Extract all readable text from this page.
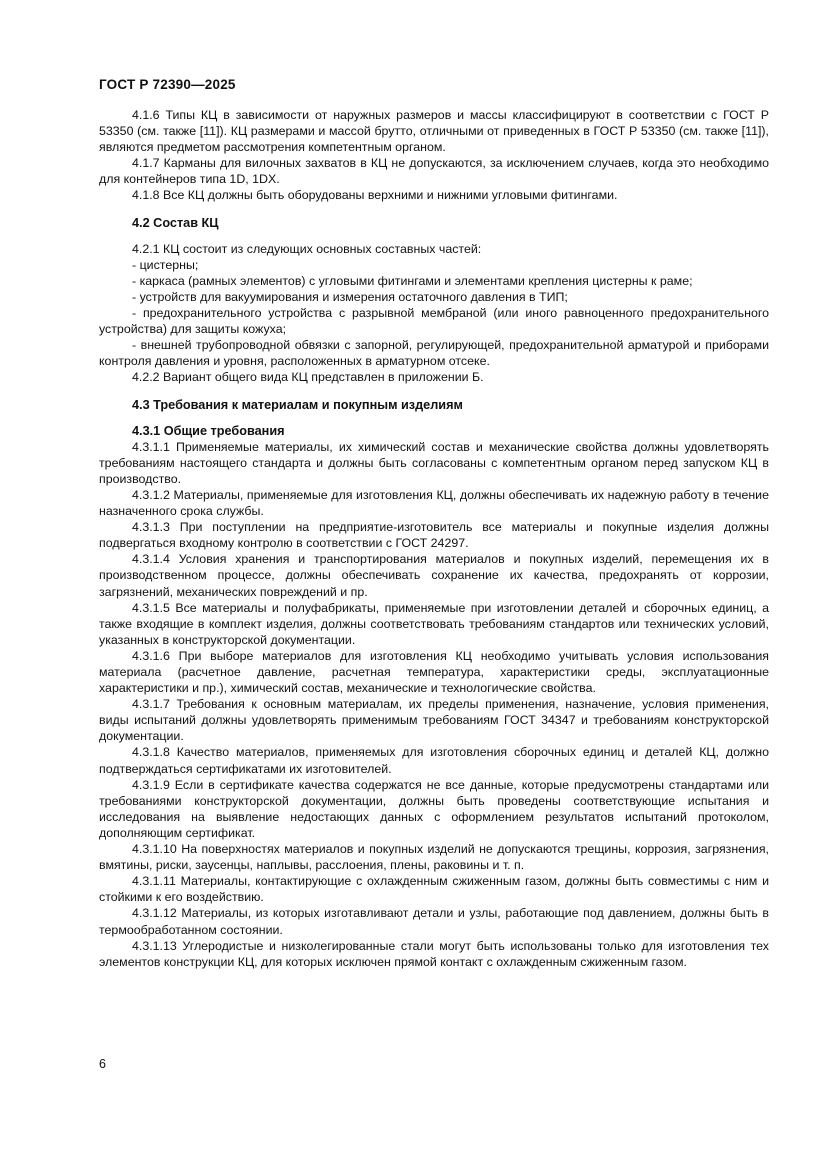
ГОСТ Р 72390—2025

4.1.6 Типы КЦ в зависимости от наружных размеров и массы классифицируют в соответствии с ГОСТ Р 53350 (см. также [11]). КЦ размерами и массой брутто, отличными от приведенных в ГОСТ Р 53350 (см. также [11]), являются предметом рассмотрения компетентным органом.

4.1.7 Карманы для вилочных захватов в КЦ не допускаются, за исключением случаев, когда это необходимо для контейнеров типа 1D, 1DX.

4.1.8 Все КЦ должны быть оборудованы верхними и нижними угловыми фитингами.

4.2 Состав КЦ

4.2.1 КЦ состоит из следующих основных составных частей:

- цистерны;

- каркаса (рамных элементов) с угловыми фитингами и элементами крепления цистерны к раме;

- устройств для вакуумирования и измерения остаточного давления в ТИП;

- предохранительного устройства с разрывной мембраной (или иного равноценного предохранительного устройства) для защиты кожуха;

- внешней трубопроводной обвязки с запорной, регулирующей, предохранительной арматурой и приборами контроля давления и уровня, расположенных в арматурном отсеке.

4.2.2 Вариант общего вида КЦ представлен в приложении Б.

4.3 Требования к материалам и покупным изделиям
4.3.1 Общие требования

4.3.1.1 Применяемые материалы, их химический состав и механические свойства должны удовлетворять требованиям настоящего стандарта и должны быть согласованы с компетентным органом перед запуском КЦ в производство.

4.3.1.2 Материалы, применяемые для изготовления КЦ, должны обеспечивать их надежную работу в течение назначенного срока службы.

4.3.1.3 При поступлении на предприятие-изготовитель все материалы и покупные изделия должны подвергаться входному контролю в соответствии с ГОСТ 24297.

4.3.1.4 Условия хранения и транспортирования материалов и покупных изделий, перемещения их в производственном процессе, должны обеспечивать сохранение их качества, предохранять от коррозии, загрязнений, механических повреждений и пр.

4.3.1.5 Все материалы и полуфабрикаты, применяемые при изготовлении деталей и сборочных единиц, а также входящие в комплект изделия, должны соответствовать требованиям стандартов или технических условий, указанных в конструкторской документации.

4.3.1.6 При выборе материалов для изготовления КЦ необходимо учитывать условия использования материала (расчетное давление, расчетная температура, характеристики среды, эксплуатационные характеристики и пр.), химический состав, механические и технологические свойства.

4.3.1.7 Требования к основным материалам, их пределы применения, назначение, условия применения, виды испытаний должны удовлетворять применимым требованиям ГОСТ 34347 и требованиям конструкторской документации.

4.3.1.8 Качество материалов, применяемых для изготовления сборочных единиц и деталей КЦ, должно подтверждаться сертификатами их изготовителей.

4.3.1.9 Если в сертификате качества содержатся не все данные, которые предусмотрены стандартами или требованиями конструкторской документации, должны быть проведены соответствующие испытания и исследования на выявление недостающих данных с оформлением результатов испытаний протоколом, дополняющим сертификат.

4.3.1.10 На поверхностях материалов и покупных изделий не допускаются трещины, коррозия, загрязнения, вмятины, риски, заусенцы, наплывы, расслоения, плены, раковины и т. п.

4.3.1.11 Материалы, контактирующие с охлажденным сжиженным газом, должны быть совместимы с ним и стойкими к его воздействию.

4.3.1.12 Материалы, из которых изготавливают детали и узлы, работающие под давлением, должны быть в термообработанном состоянии.

4.3.1.13 Углеродистые и низколегированные стали могут быть использованы только для изготовления тех элементов конструкции КЦ, для которых исключен прямой контакт с охлажденным сжиженным газом.

6
